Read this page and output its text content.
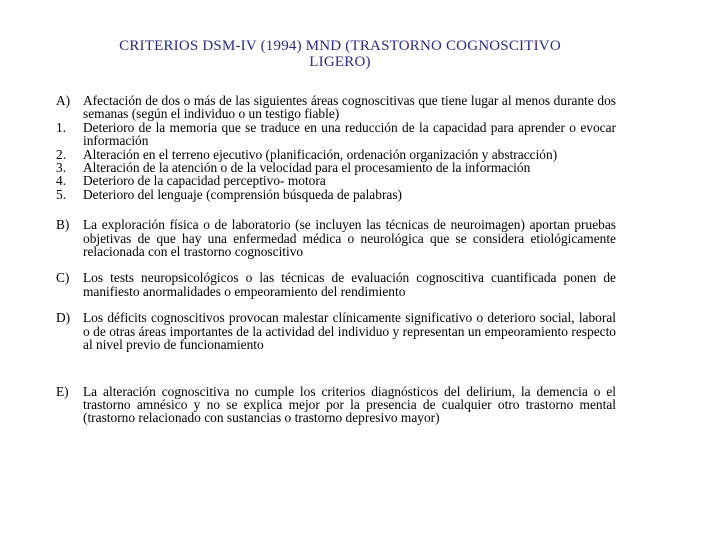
CRITERIOS DSM-IV (1994) MND (TRASTORNO COGNOSCITIVO
LIGERO)
A) Afectación de dos o más de las siguientes áreas cognoscitivas que tiene lugar al menos durante dos semanas (según el individuo o un testigo fiable)
1.	Deterioro de la memoria que se traduce en una reducción de la capacidad para aprender o evocar información
2.	Alteración en el terreno ejecutivo (planificación, ordenación organización y abstracción)
3.	Alteración de la atención o de la velocidad para el procesamiento de la información
4.	Deterioro de la capacidad perceptivo- motora
5.	Deterioro del lenguaje (comprensión búsqueda de palabras)
B)	La exploración física o de laboratorio (se incluyen las técnicas de neuroimagen) aportan pruebas objetivas de que hay una enfermedad médica o neurológica que se considera etiológicamente relacionada con el trastorno cognoscitivo
C)	Los tests neuropsicológicos o las técnicas de evaluación cognoscitiva cuantificada ponen de manifiesto anormalidades o empeoramiento del rendimiento
D) Los déficits cognoscitivos provocan malestar clínicamente significativo o deterioro social, laboral o de otras áreas importantes de la actividad del individuo y representan un empeoramiento respecto al nivel previo de funcionamiento
E)	La alteración cognoscitiva no cumple los criterios diagnósticos del delirium, la demencia o el trastorno amnésico y no se explica mejor por la presencia de cualquier otro trastorno mental (trastorno relacionado con sustancias o trastorno depresivo mayor)
